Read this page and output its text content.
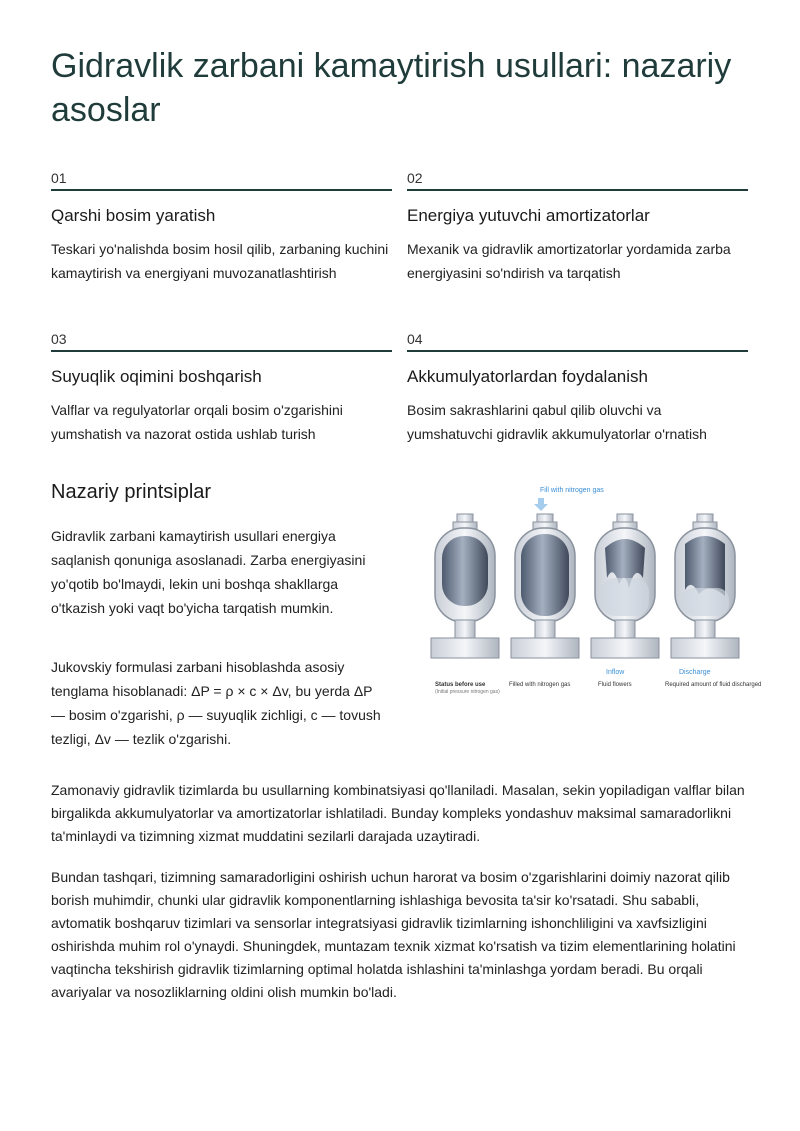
Gidravlik zarbani kamaytirish usullari: nazariy asoslar
01
Qarshi bosim yaratish

Teskari yo'nalishda bosim hosil qilib, zarbaning kuchini kamaytirish va energiyani muvozanatlashtirish

02
Energiya yutuvchi amortizatorlar

Mexanik va gidravlik amortizatorlar yordamida zarba energiyasini so'ndirish va tarqatish

03
Suyuqlik oqimini boshqarish

Valflar va regulyatorlar orqali bosim o'zgarishini yumshatish va nazorat ostida ushlab turish

04
Akkumulyatorlardan foydalanish

Bosim sakrashlarini qabul qilib oluvchi va yumshatuvchi gidravlik akkumulyatorlar o'rnatish

Nazariy printsiplar

Gidravlik zarbani kamaytirish usullari energiya saqlanish qonuniga asoslanadi. Zarba energiyasini yo'qotib bo'lmaydi, lekin uni boshqa shakllarga o'tkazish yoki vaqt bo'yicha tarqatish mumkin.

Jukovskiy formulasi zarbani hisoblashda asosiy tenglama hisoblanadi: ΔP = ρ × c × Δv, bu yerda ΔP — bosim o'zgarishi, ρ — suyuqlik zichligi, c — tovush tezligi, Δv — tezlik o'zgarishi.

Fill with nitrogen gas
Inflow	Discharge
Status before use
(Initial pressure nitrogen gas)
Filled with nitrogen gas	Fluid flowers	Required amount of fluid discharged

Zamonaviy gidravlik tizimlarda bu usullarning kombinatsiyasi qo'llaniladi. Masalan, sekin yopiladigan valflar bilan birgalikda akkumulyatorlar va amortizatorlar ishlatiladi. Bunday kompleks yondashuv maksimal samaradorlikni ta'minlaydi va tizimning xizmat muddatini sezilarli darajada uzaytiradi.

Bundan tashqari, tizimning samaradorligini oshirish uchun harorat va bosim o'zgarishlarini doimiy nazorat qilib borish muhimdir, chunki ular gidravlik komponentlarning ishlashiga bevosita ta'sir ko'rsatadi. Shu sababli, avtomatik boshqaruv tizimlari va sensorlar integratsiyasi gidravlik tizimlarning ishonchliligini va xavfsizligini oshirishda muhim rol o'ynaydi. Shuningdek, muntazam texnik xizmat ko'rsatish va tizim elementlarining holatini vaqtincha tekshirish gidravlik tizimlarning optimal holatda ishlashini ta'minlashga yordam beradi. Bu orqali avariyalar va nosozliklarning oldini olish mumkin bo'ladi.
